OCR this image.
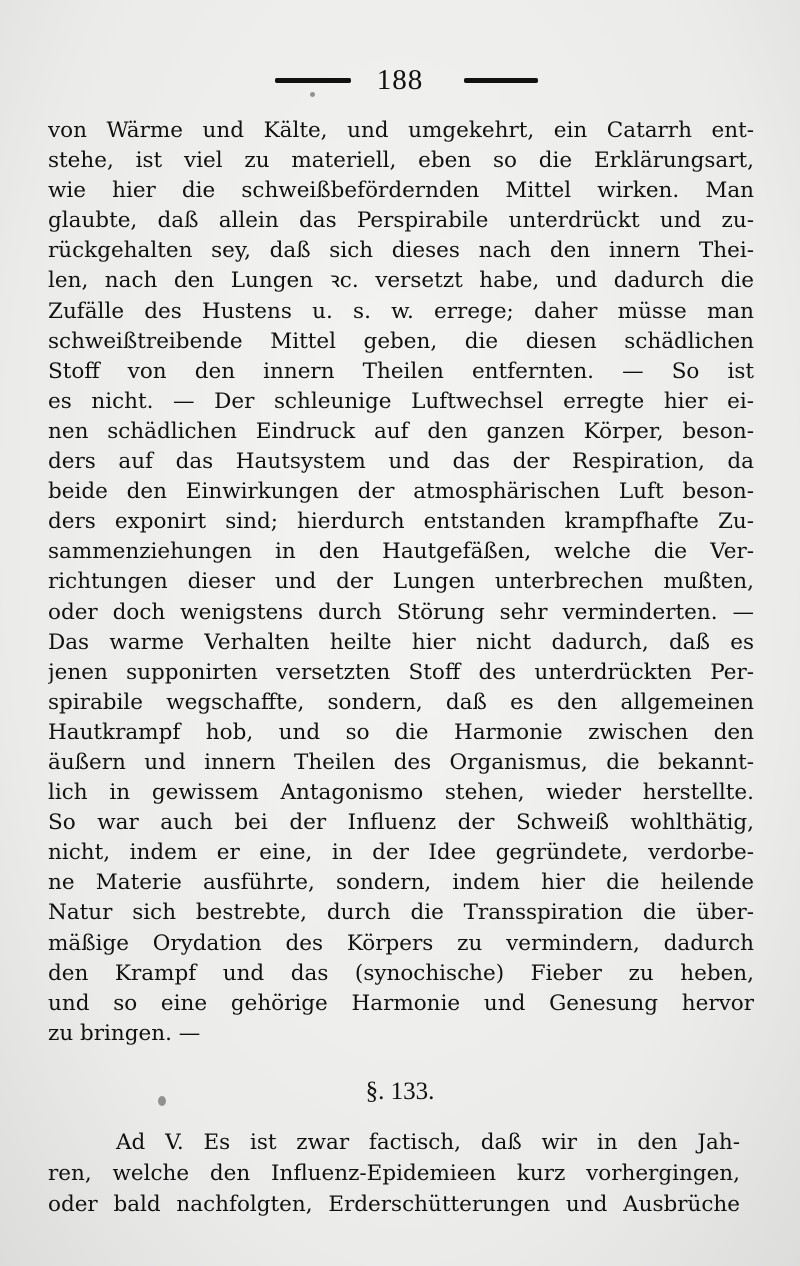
188
von Wärme und Kälte, und umgekehrt, ein Catarrh ent-
stehe, ist viel zu materiell, eben so die Erklärungsart,
wie hier die schweißbefördernden Mittel wirken. Man
glaubte, daß allein das Perspirabile unterdrückt und zu-
rückgehalten sey, daß sich dieses nach den innern Thei-
len, nach den Lungen ꝛc. versetzt habe, und dadurch die
Zufälle des Hustens u. s. w. errege; daher müsse man
schweißtreibende Mittel geben, die diesen schädlichen
Stoff von den innern Theilen entfernten. — So ist
es nicht. — Der schleunige Luftwechsel erregte hier ei-
nen schädlichen Eindruck auf den ganzen Körper, beson-
ders auf das Hautsystem und das der Respiration, da
beide den Einwirkungen der atmosphärischen Luft beson-
ders exponirt sind; hierdurch entstanden krampfhafte Zu-
sammenziehungen in den Hautgefäßen, welche die Ver-
richtungen dieser und der Lungen unterbrechen mußten,
oder doch wenigstens durch Störung sehr verminderten. —
Das warme Verhalten heilte hier nicht dadurch, daß es
jenen supponirten versetzten Stoff des unterdrückten Per-
spirabile wegschaffte, sondern, daß es den allgemeinen
Hautkrampf hob, und so die Harmonie zwischen den
äußern und innern Theilen des Organismus, die bekannt-
lich in gewissem Antagonismo stehen, wieder herstellte.
So war auch bei der Influenz der Schweiß wohlthätig,
nicht, indem er eine, in der Idee gegründete, verdorbe-
ne Materie ausführte, sondern, indem hier die heilende
Natur sich bestrebte, durch die Transspiration die über-
mäßige Orydation des Körpers zu vermindern, dadurch
den Krampf und das (synochische) Fieber zu heben,
und so eine gehörige Harmonie und Genesung hervor
zu bringen. —
§. 133.
Ad V. Es ist zwar factisch, daß wir in den Jah-
ren, welche den Influenz-Epidemieen kurz vorhergingen,
oder bald nachfolgten, Erderschütterungen und Ausbrüche
